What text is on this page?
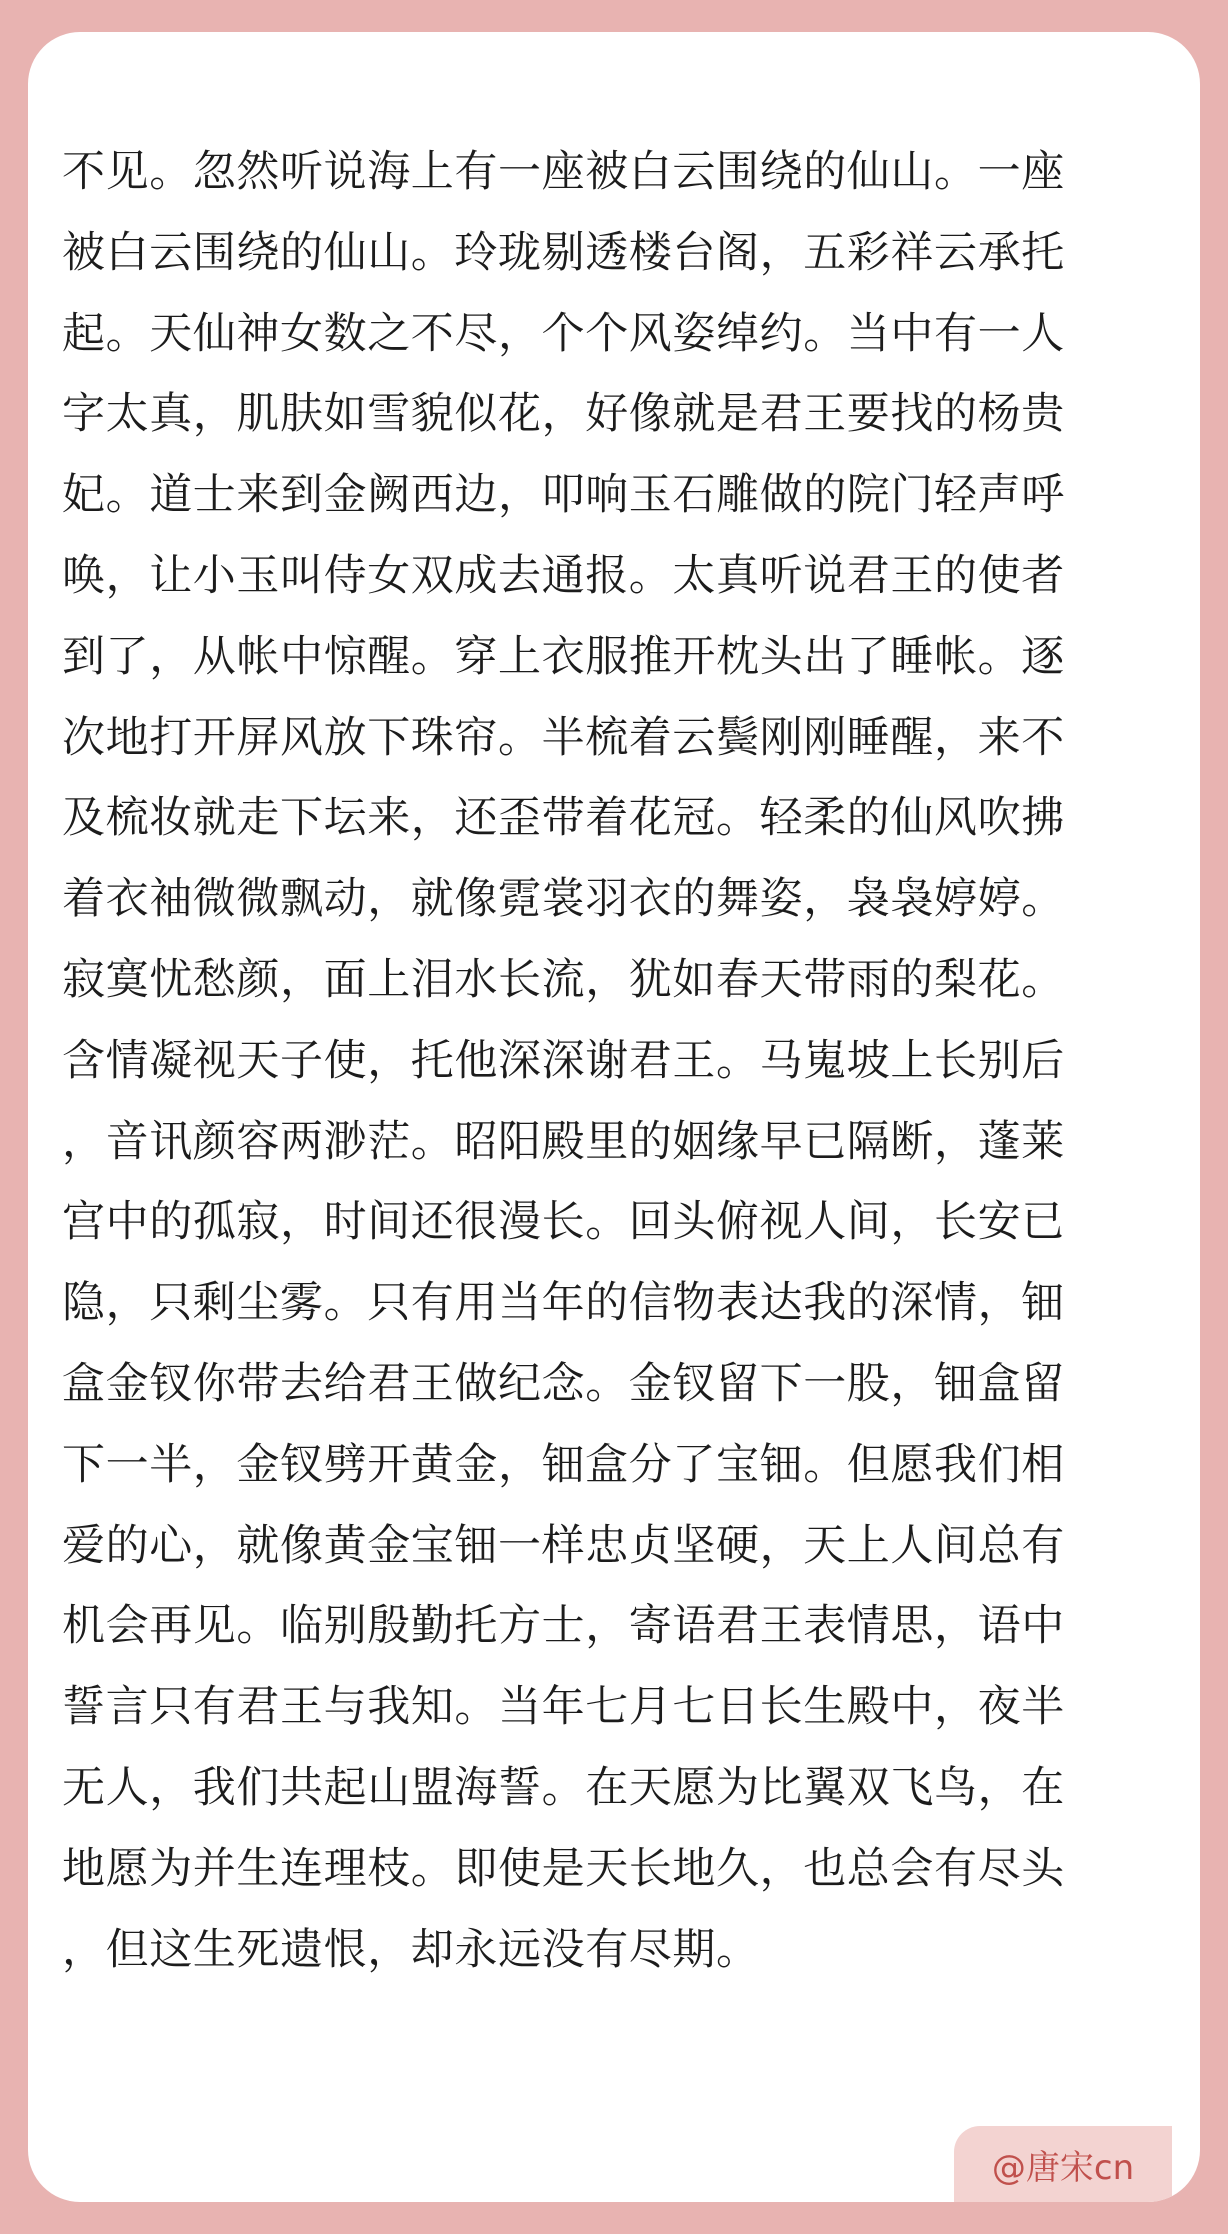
不见。忽然听说海上有一座被白云围绕的仙山。一座
被白云围绕的仙山。玲珑剔透楼台阁，五彩祥云承托
起。天仙神女数之不尽，个个风姿绰约。当中有一人
字太真，肌肤如雪貌似花，好像就是君王要找的杨贵
妃。道士来到金阙西边，叩响玉石雕做的院门轻声呼
唤，让小玉叫侍女双成去通报。太真听说君王的使者
到了，从帐中惊醒。穿上衣服推开枕头出了睡帐。逐
次地打开屏风放下珠帘。半梳着云鬓刚刚睡醒，来不
及梳妆就走下坛来，还歪带着花冠。轻柔的仙风吹拂
着衣袖微微飘动，就像霓裳羽衣的舞姿，袅袅婷婷。
寂寞忧愁颜，面上泪水长流，犹如春天带雨的梨花。
含情凝视天子使，托他深深谢君王。马嵬坡上长别后
，音讯颜容两渺茫。昭阳殿里的姻缘早已隔断，蓬莱
宫中的孤寂，时间还很漫长。回头俯视人间，长安已
隐，只剩尘雾。只有用当年的信物表达我的深情，钿
盒金钗你带去给君王做纪念。金钗留下一股，钿盒留
下一半，金钗劈开黄金，钿盒分了宝钿。但愿我们相
爱的心，就像黄金宝钿一样忠贞坚硬，天上人间总有
机会再见。临别殷勤托方士，寄语君王表情思，语中
誓言只有君王与我知。当年七月七日长生殿中，夜半
无人，我们共起山盟海誓。在天愿为比翼双飞鸟，在
地愿为并生连理枝。即使是天长地久，也总会有尽头
，但这生死遗恨，却永远没有尽期。
@唐宋cn
